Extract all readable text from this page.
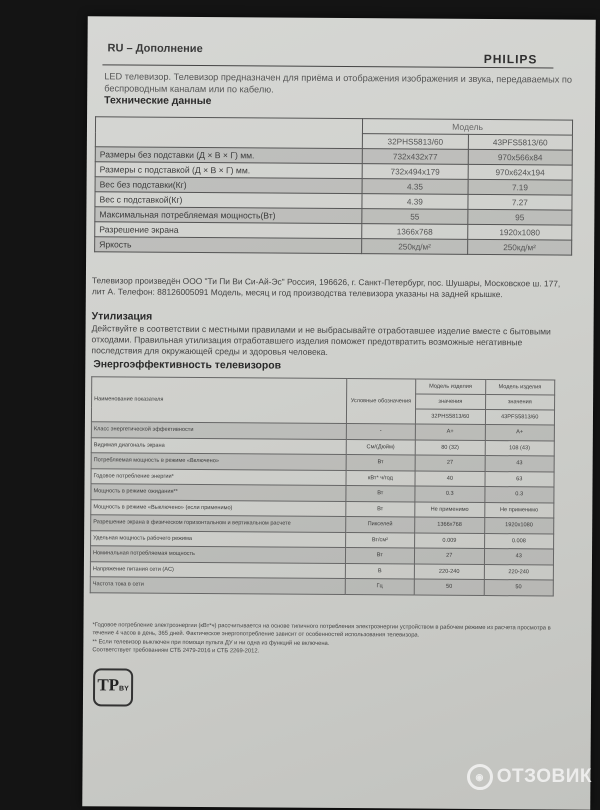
RU – Дополнение
PHILIPS
LED телевизор. Телевизор предназначен для приёма и отображения изображения и звука, передаваемых по беспроводным каналам или по кабелю.
Технические данные
	Модель	
	32PHS5813/60	43PFS5813/60
Размеры без подставки (Д × В × Г) мм.	732x432x77	970x566x84
Размеры с подставкой (Д × В × Г) мм.	732x494x179	970x624x194
Вес без подставки(Кг)	4.35	7.19
Вес с подставкой(Кг)	4.39	7.27
Максимальная потребляемая мощность(Вт)	55	95
Разрешение экрана	1366x768	1920x1080
Яркость	250кд/м²	250кд/м²
Телевизор произведён ООО "Ти Пи Ви Си-Ай-Эс" Россия, 196626, г. Санкт-Петербург, пос. Шушары, Московское ш. 177, лит А. Телефон: 88126005091 Модель, месяц и год производства телевизора указаны на задней крышке.
Утилизация
Действуйте в соответствии с местными правилами и не выбрасывайте отработавшее изделие вместе с бытовыми отходами. Правильная утилизация отработавшего изделия поможет предотвратить возможные негативные последствия для окружающей среды и здоровья человека.
Энергоэффективность телевизоров
Наименование показателя	Условные обозначения	Модель изделия	Модель изделия
		значения	значения
		32PHS5813/60	43PFS5813/60
Класс энергетической эффективности	-	A+	A+
Видимая диагональ экрана	См/(Дюйм)	80 (32)	108 (43)
Потребляемая мощность в режиме «Включено»	Вт	27	43
Годовое потребление энергии*	кВт* ч/год	40	63
Мощность в режиме ожидания**	Вт	0.3	0.3
Мощность в режиме «Выключено» (если применимо)	Вт	Не применимо	Не применимо
Разрешение экрана в физическом горизонтальном и вертикальном расчете	Пикселей	1366x768	1920x1080
Удельная мощность рабочего режима	Вт/см²	0.009	0.008
Номинальная потребляемая мощность	Вт	27	43
Напряжение питания сети (AC)	В	220-240	220-240
Частота тока в сети	Гц	50	50
*Годовое потребление электроэнергии (кВт*ч) рассчитывается на основе типичного потребления электроэнергии устройством в рабочем режиме из расчета просмотра в течение 4 часов в день, 365 дней. Фактическое энергопотребление зависит от особенностей использования телевизора.
** Если телевизор выключен при помощи пульта ДУ и ни одна из функций не включена.
Соответствует требованиям СТБ 2479-2016 и СТБ 2269-2012.
TPBY
◉ ОТЗОВИК
